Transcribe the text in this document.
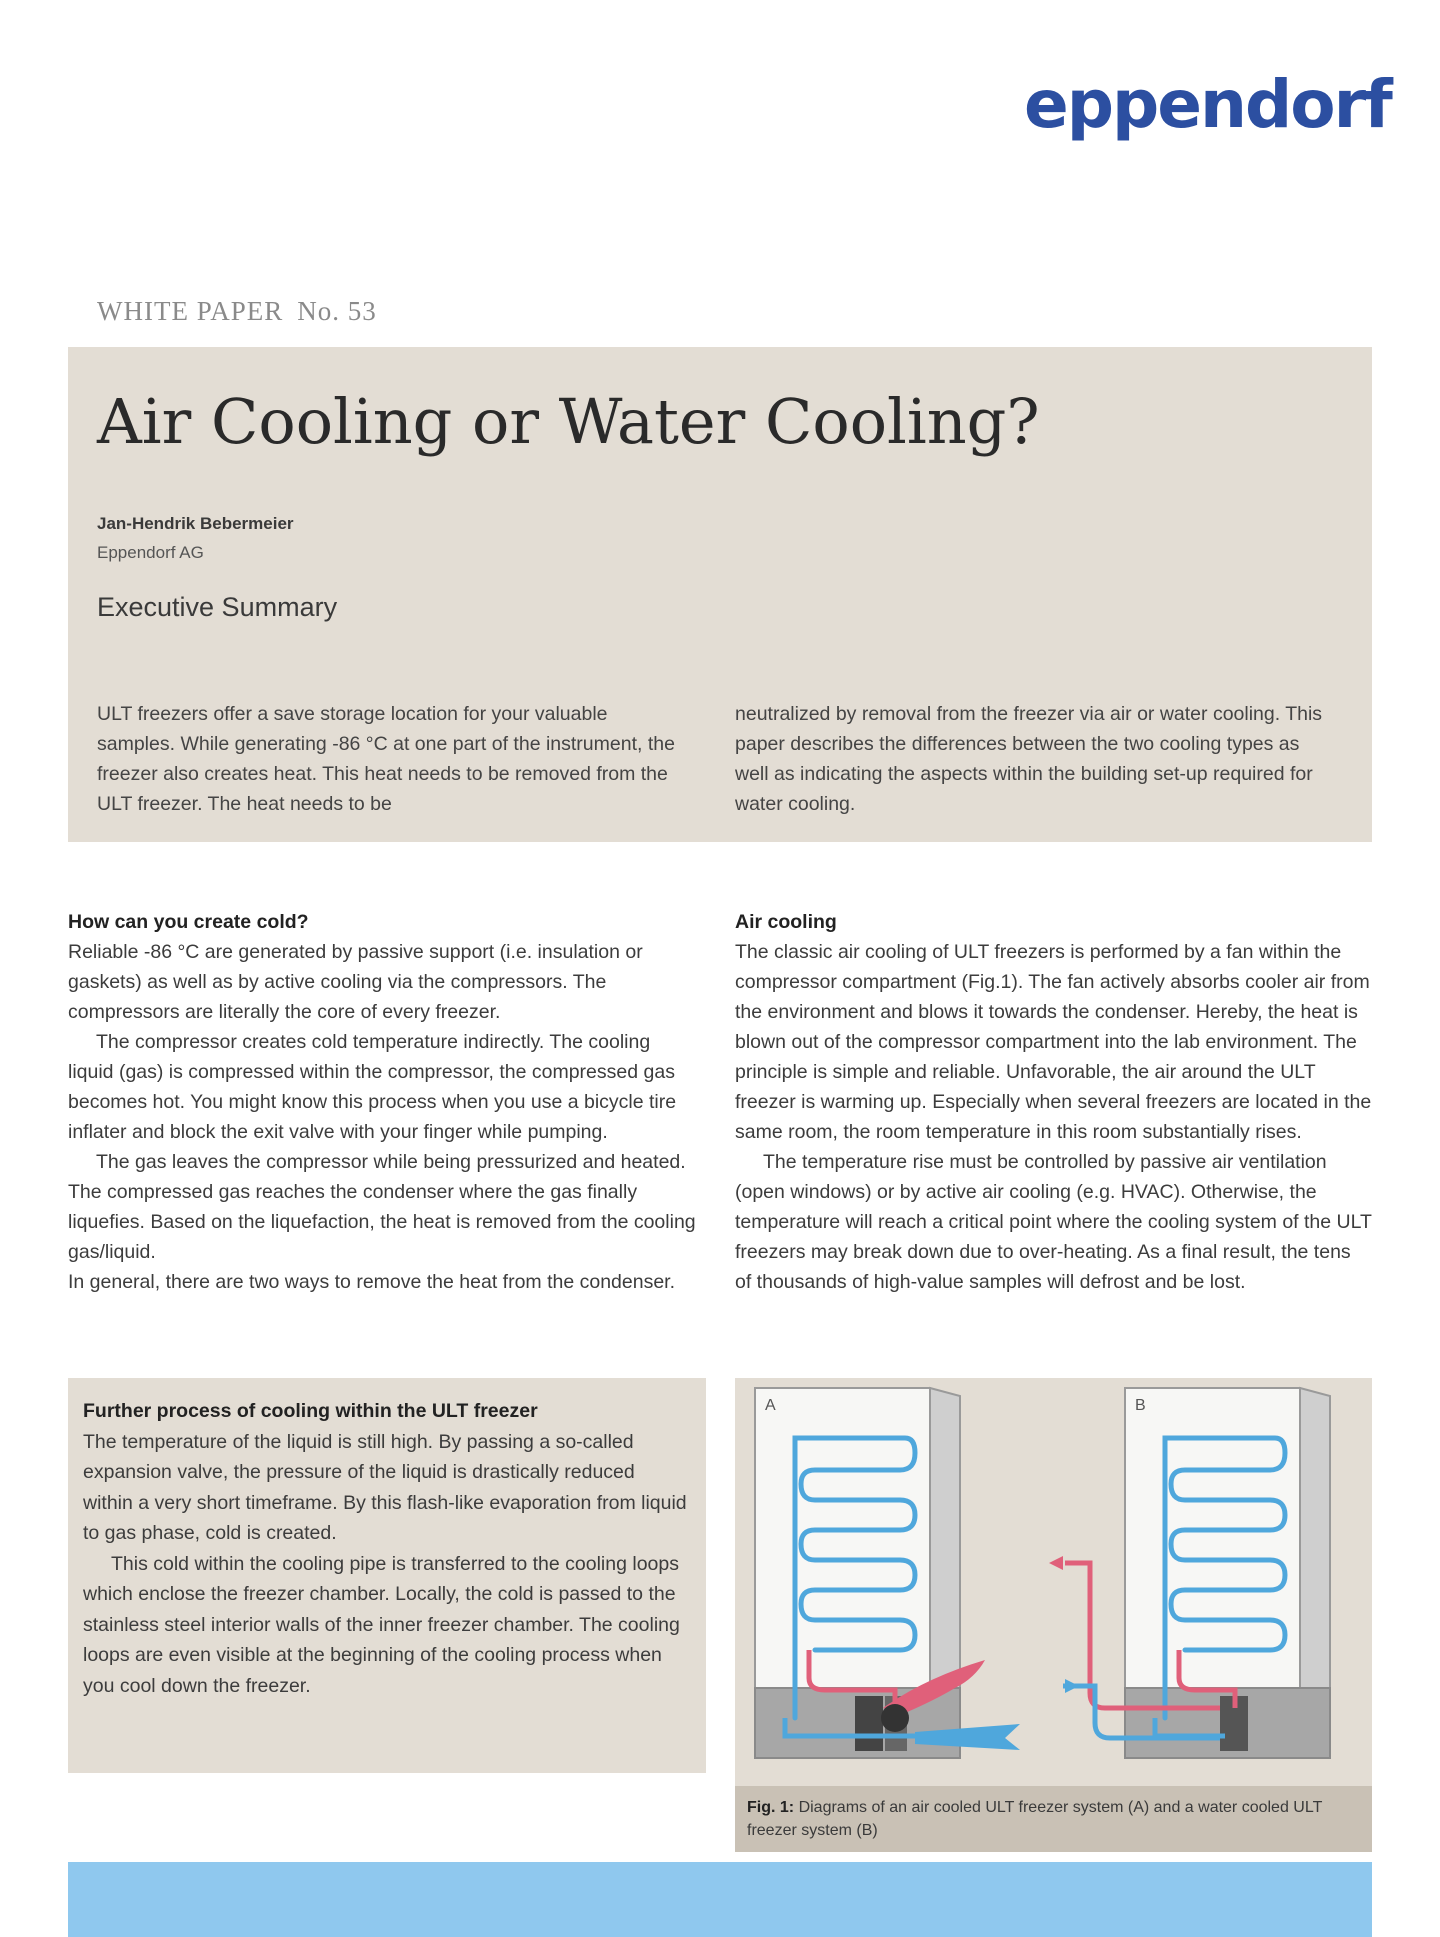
eppendorf
WHITE PAPER No. 53
Air Cooling or Water Cooling?
Jan-Hendrik Bebermeier
Eppendorf AG
Executive Summary
ULT freezers offer a save storage location for your valuable samples. While generating -86 °C at one part of the instrument, the freezer also creates heat. This heat needs to be removed from the ULT freezer. The heat needs to be
neutralized by removal from the freezer via air or water cooling. This paper describes the differences between the two cooling types as well as indicating the aspects within the building set-up required for water cooling.
How can you create cold?

Reliable -86 °C are generated by passive support (i.e. insulation or gaskets) as well as by active cooling via the compressors. The compressors are literally the core of every freezer.

The compressor creates cold temperature indirectly. The cooling liquid (gas) is compressed within the compressor, the compressed gas becomes hot. You might know this process when you use a bicycle tire inflater and block the exit valve with your finger while pumping.

The gas leaves the compressor while being pressurized and heated. The compressed gas reaches the condenser where the gas finally liquefies. Based on the liquefaction, the heat is removed from the cooling gas/liquid.

In general, there are two ways to remove the heat from the condenser.

Air cooling

The classic air cooling of ULT freezers is performed by a fan within the compressor compartment (Fig.1). The fan actively absorbs cooler air from the environment and blows it towards the condenser. Hereby, the heat is blown out of the compressor compartment into the lab environment. The principle is simple and reliable. Unfavorable, the air around the ULT freezer is warming up. Especially when several freezers are located in the same room, the room temperature in this room substantially rises.

The temperature rise must be controlled by passive air ventilation (open windows) or by active air cooling (e.g. HVAC). Otherwise, the temperature will reach a critical point where the cooling system of the ULT freezers may break down due to over-heating. As a final result, the tens of thousands of high-value samples will defrost and be lost.

Further process of cooling within the ULT freezer

The temperature of the liquid is still high. By passing a so-called expansion valve, the pressure of the liquid is drastically reduced within a very short timeframe. By this flash-like evaporation from liquid to gas phase, cold is created.

This cold within the cooling pipe is transferred to the cooling loops which enclose the freezer chamber. Locally, the cold is passed to the stainless steel interior walls of the inner freezer chamber. The cooling loops are even visible at the beginning of the cooling process when you cool down the freezer.

A	B
Fig. 1: Diagrams of an air cooled ULT freezer system (A) and a water cooled ULT freezer system (B)
